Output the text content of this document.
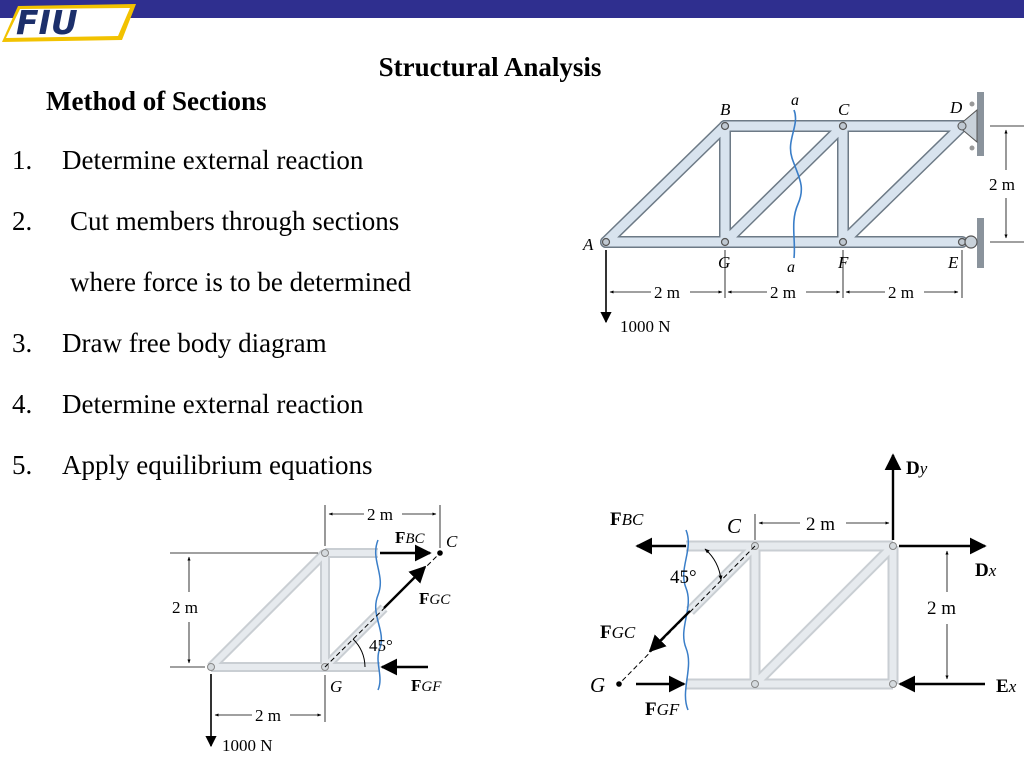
FIU
Structural Analysis
Method of Sections
1. Determine external reaction
2. Cut members through sections
where force is to be determined
3. Draw free body diagram
4. Determine external reaction
5. Apply equilibrium equations
a
a
A
B	C	D
E
F
G
2 m	2 m	2 m
2 m
1000 N
2 m
2 m
2 m
1000 N
45°
C
G
FBC
FGC
FGF
2 m
2 m
45°
C
G
FBC
FGC
FGF
Dy
Dx
Ex
